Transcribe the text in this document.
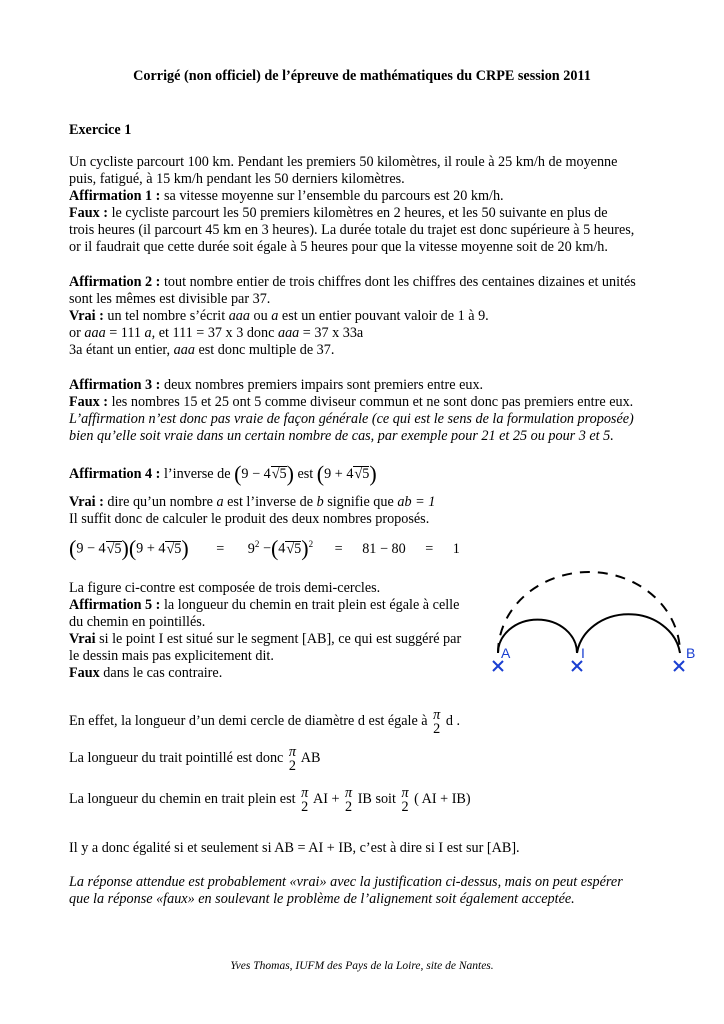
Corrigé (non officiel) de l’épreuve de mathématiques du CRPE session 2011
Exercice 1
Un cycliste parcourt 100 km. Pendant les premiers 50 kilomètres, il roule à 25 km/h de moyenne
puis, fatigué, à 15 km/h pendant les 50 derniers kilomètres.
Affirmation 1 : sa vitesse moyenne sur l’ensemble du parcours est 20 km/h.
Faux : le cycliste parcourt les 50 premiers kilomètres en 2 heures, et les 50 suivante en plus de
trois heures (il parcourt 45 km en 3 heures). La durée totale du trajet est donc supérieure à 5 heures,
or il faudrait que cette durée soit égale à 5 heures pour que la vitesse moyenne soit de 20 km/h.
Affirmation 2 : tout nombre entier de trois chiffres dont les chiffres des centaines dizaines et unités
sont les mêmes est divisible par 37.
Vrai : un tel nombre s’écrit aaa ou a est un entier pouvant valoir de 1 à 9.
or aaa = 111 a, et 111 = 37 x 3 donc aaa = 37 x 33a
3a étant un entier, aaa est donc multiple de 37.
Affirmation 3 : deux nombres premiers impairs sont premiers entre eux.
Faux : les nombres 15 et 25 ont 5 comme diviseur commun et ne sont donc pas premiers entre eux.
L’affirmation n’est donc pas vraie de façon générale (ce qui est le sens de la formulation proposée)
bien qu’elle soit vraie dans un certain nombre de cas, par exemple pour 21 et 25 ou pour 3 et 5.
Affirmation 4 : l’inverse de (9 − 4√5) est (9 + 4√5)
Vrai : dire qu’un nombre a est l’inverse de b signifie que ab = 1
Il suffit donc de calculer le produit des deux nombres proposés.
$(9 - 4√5)(9 + 4√5) = 9^2 -(4√5)^2 = 81 - 80 = 1$
La figure ci-contre est composée de trois demi-cercles.
Affirmation 5 : la longueur du chemin en trait plein est égale à celle
du chemin en pointillés.
Vrai si le point I est situé sur le segment [AB], ce qui est suggéré par
le dessin mais pas explicitement dit.
Faux dans le cas contraire.
A	I	B
En effet, la longueur d’un demi cercle de diamètre d est égale à π
2 d .
La longueur du trait pointillé est donc π
2 AB
La longueur du chemin en trait plein est π
2 AI + π
2 IB soit π
2 ( AI + IB)
Il y a donc égalité si et seulement si AB = AI + IB, c’est à dire si I est sur [AB].
La réponse attendue est probablement «vrai» avec la justification ci-dessus, mais on peut espérer
que la réponse «faux» en soulevant le problème de l’alignement soit également acceptée.
Yves Thomas, IUFM des Pays de la Loire, site de Nantes.
